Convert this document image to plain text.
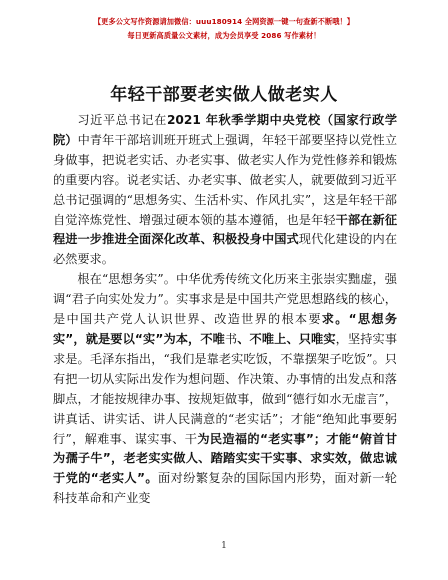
【更多公文写作资源请加微信：uuu180914 全网资源一键一句查新不断哦！】
每日更新高质量公文素材，成为会员享受 2086 写作素材！
年轻干部要老实做人做老实人

习近平总书记在2021 年秋季学期中央党校（国家行政学院）中青年干部培训班开班式上强调，年轻干部要坚持以党性立身做事，把说老实话、办老实事、做老实人作为党性修养和锻炼的重要内容。说老实话、办老实事、做老实人，就要做到习近平总书记强调的“思想务实、生活朴实、作风扎实”，这是年轻干部自觉淬炼党性、增强过硬本领的基本遵循，也是年轻干部在新征程进一步推进全面深化改革、积极投身中国式现代化建设的内在必然要求。

根在“思想务实”。中华优秀传统文化历来主张崇实黜虚，强调“君子向实处发力”。实事求是是中国共产党思想路线的核心，是中国共产党人认识世界、改造世界的根本要求。“思想务实”，就是要以“实”为本，不唯书、不唯上、只唯实，坚持实事求是。毛泽东指出，“我们是靠老实吃饭，不靠摆架子吃饭”。只有把一切从实际出发作为想问题、作决策、办事情的出发点和落脚点，才能按规律办事、按规矩做事，做到“德行如水无虚言”，讲真话、讲实话、讲人民满意的“老实话”；才能“绝知此事要躬行”，解难事、谋实事、干为民造福的“老实事”；才能“俯首甘为孺子牛”，老老实实做人、踏踏实实干实事、求实效，做忠诚于党的“老实人”。面对纷繁复杂的国际国内形势，面对新一轮科技革命和产业变

1
